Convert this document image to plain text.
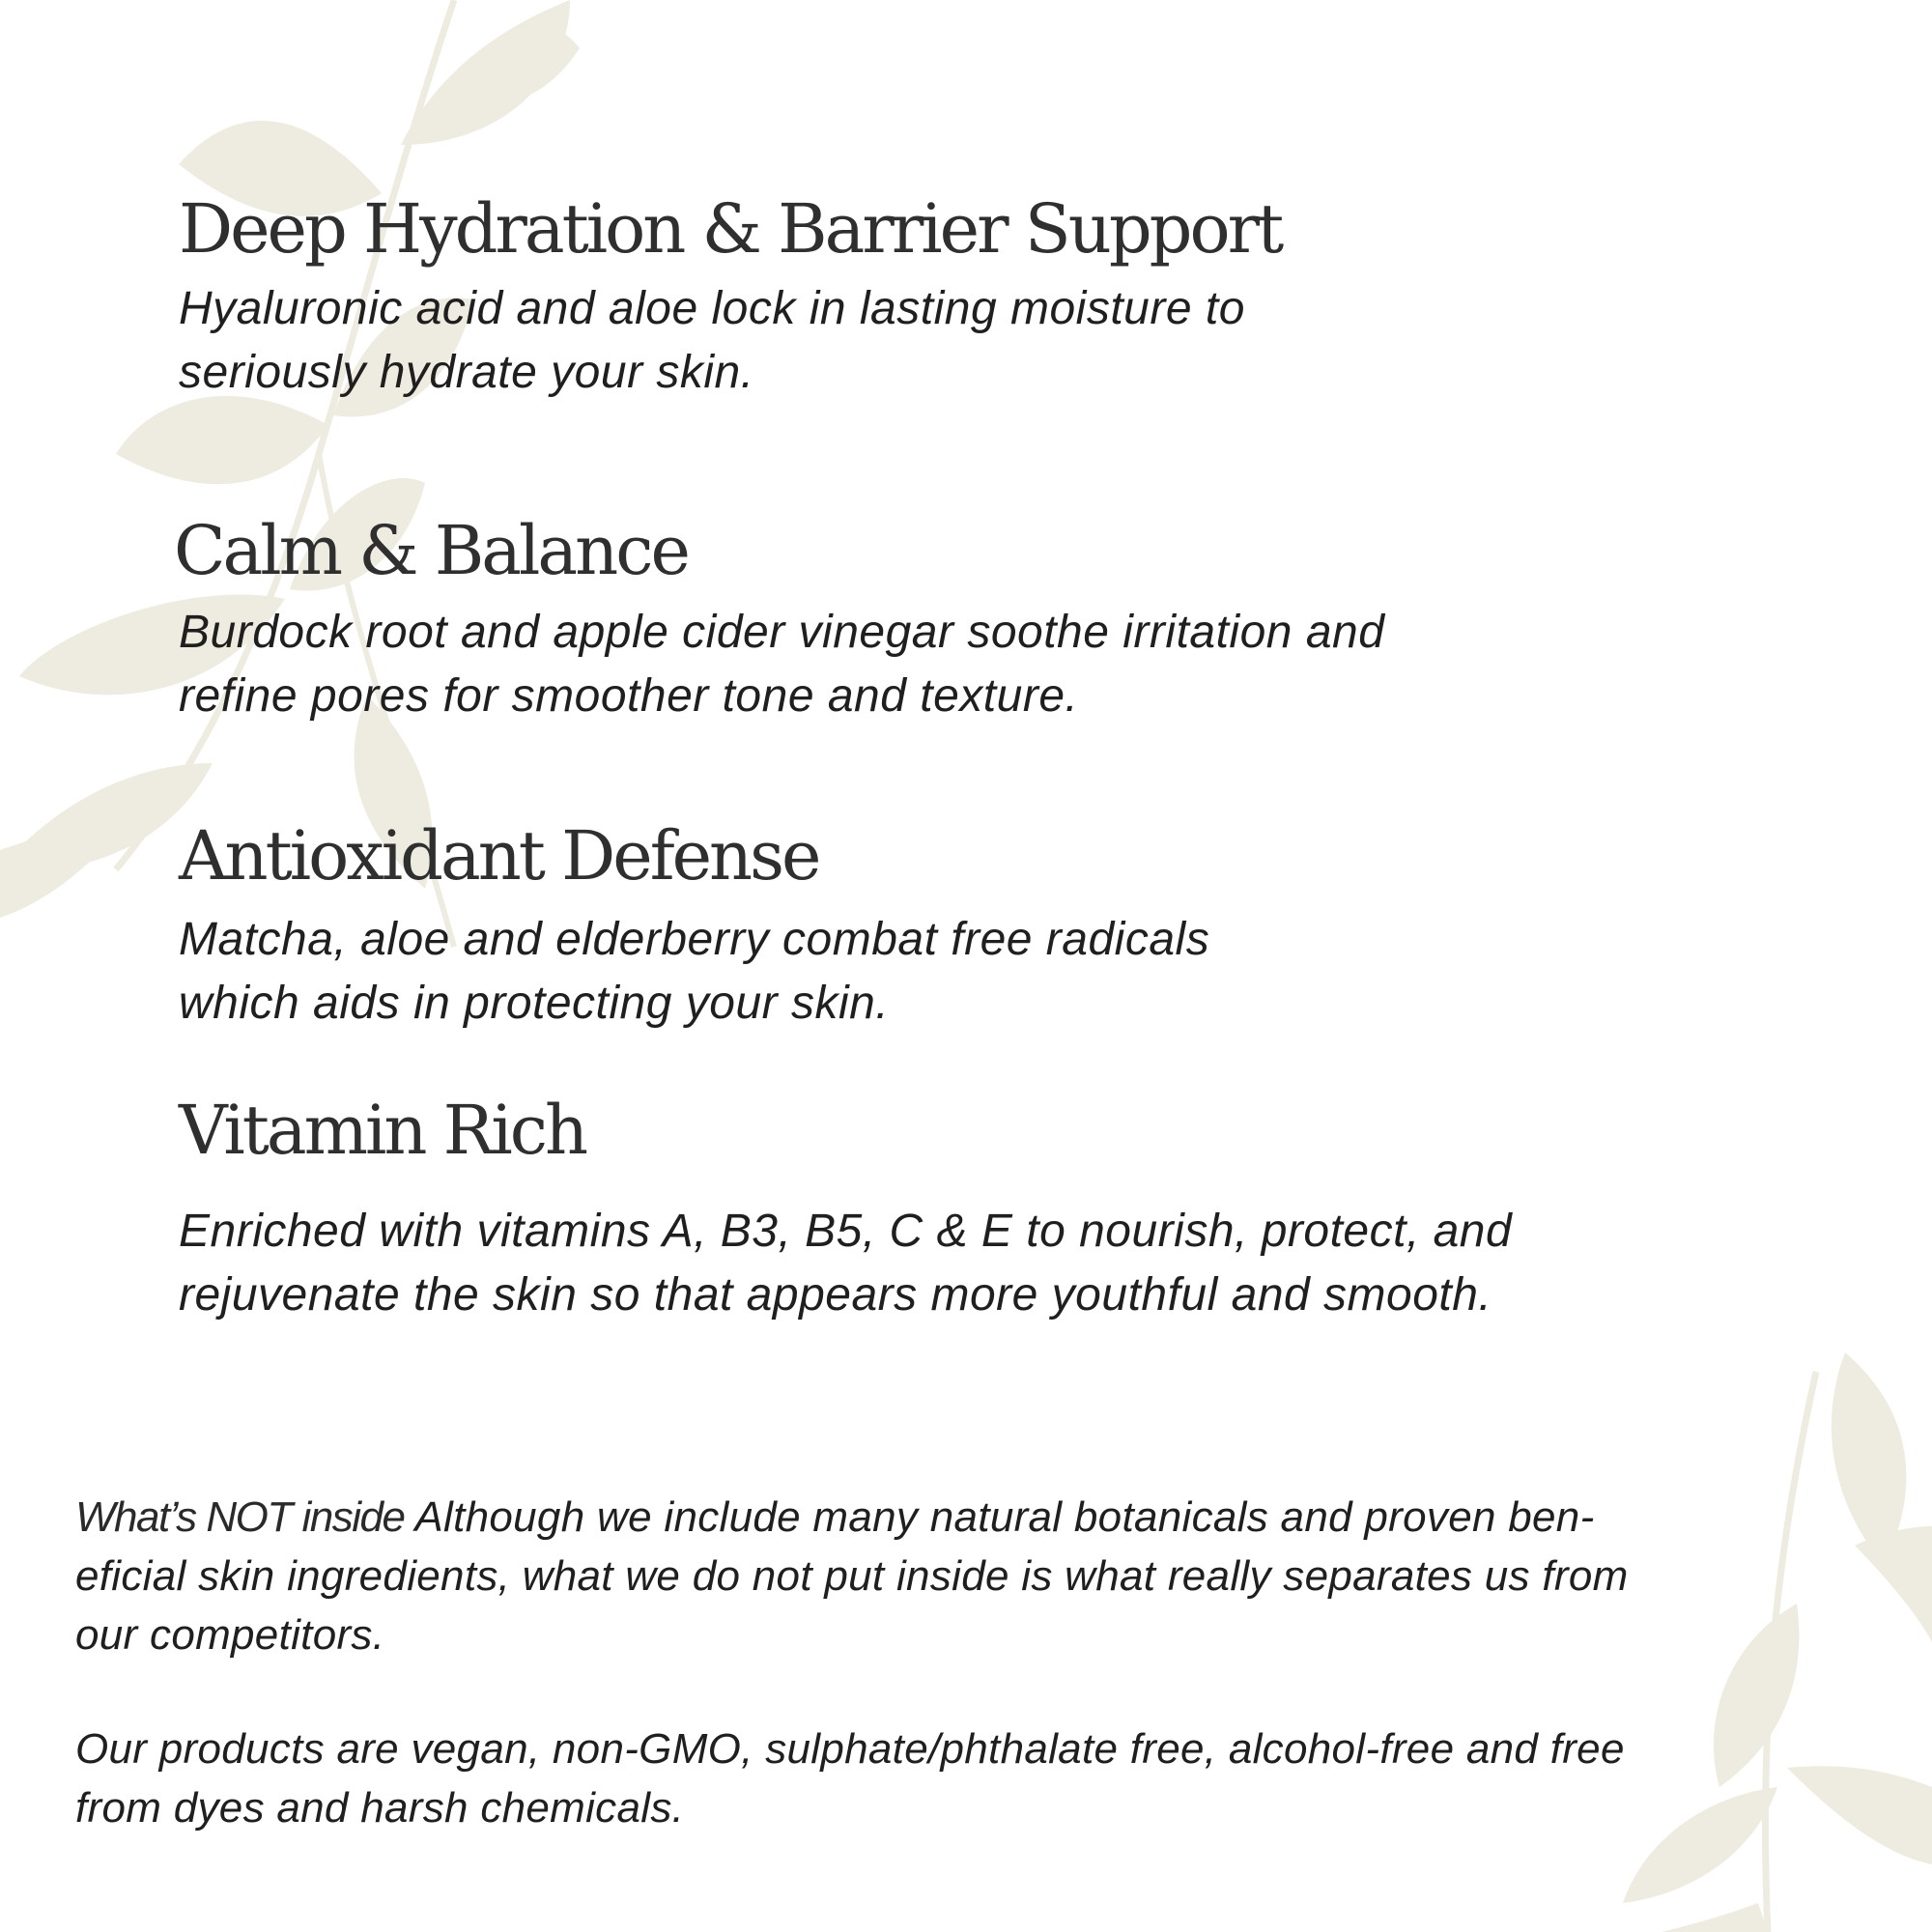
Deep Hydration & Barrier Support

Hyaluronic acid and aloe lock in lasting moisture to
seriously hydrate your skin.

Calm & Balance

Burdock root and apple cider vinegar soothe irritation and
refine pores for smoother tone and texture.

Antioxidant Defense

Matcha, aloe and elderberry combat free radicals
which aids in protecting your skin.

Vitamin Rich

Enriched with vitamins A, B3, B5, C & E to nourish, protect, and
rejuvenate the skin so that appears more youthful and smooth.

What’s NOT inside Although we include many natural botanicals and proven ben-
eficial skin ingredients, what we do not put inside is what really separates us from
our competitors.
Our products are vegan, non-GMO, sulphate/phthalate free, alcohol-free and free
from dyes and harsh chemicals.
